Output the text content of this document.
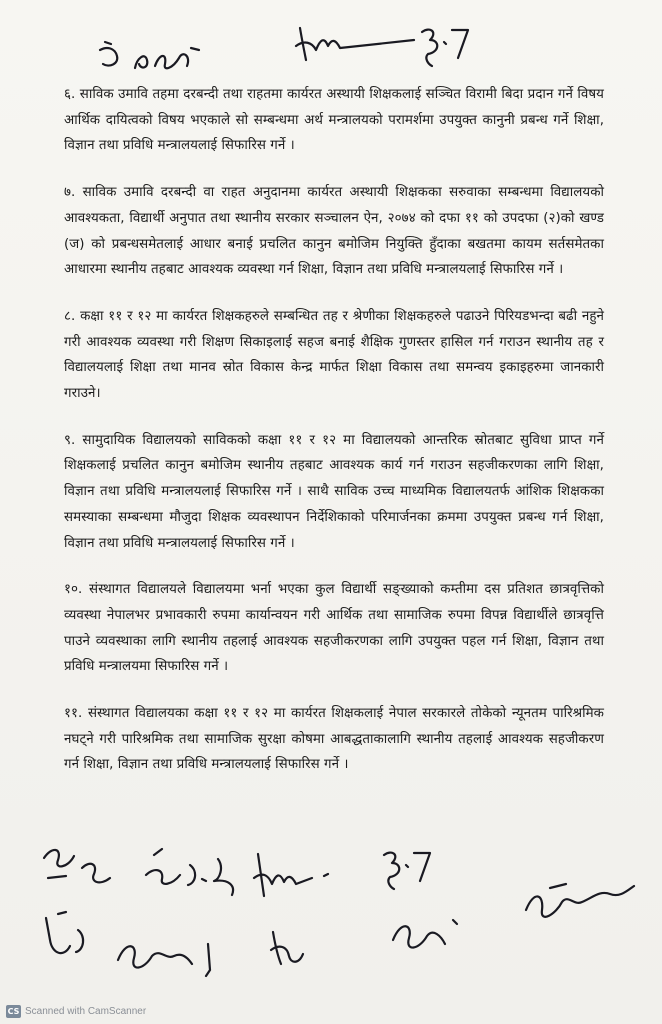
६. साविक उमावि तहमा दरबन्दी तथा राहतमा कार्यरत अस्थायी शिक्षकलाई सञ्चित विरामी बिदा प्रदान गर्ने विषय आर्थिक दायित्वको विषय भएकाले सो सम्बन्धमा अर्थ मन्त्रालयको परामर्शमा उपयुक्त कानुनी प्रबन्ध गर्ने शिक्षा, विज्ञान तथा प्रविधि मन्त्रालयलाई सिफारिस गर्ने ।

७. साविक उमावि दरबन्दी वा राहत अनुदानमा कार्यरत अस्थायी शिक्षकका सरुवाका सम्बन्धमा विद्यालयको आवश्यकता, विद्यार्थी अनुपात तथा स्थानीय सरकार सञ्चालन ऐन, २०७४ को दफा ११ को उपदफा (२)को खण्ड (ज) को प्रबन्धसमेतलाई आधार बनाई प्रचलित कानुन बमोजिम नियुक्ति हुँदाका बखतमा कायम सर्तसमेतका आधारमा स्थानीय तहबाट आवश्यक व्यवस्था गर्न शिक्षा, विज्ञान तथा प्रविधि मन्त्रालयलाई सिफारिस गर्ने ।

८. कक्षा ११ र १२ मा कार्यरत शिक्षकहरुले सम्बन्धित तह र श्रेणीका शिक्षकहरुले पढाउने पिरियडभन्दा बढी नहुने गरी आवश्यक व्यवस्था गरी शिक्षण सिकाइलाई सहज बनाई शैक्षिक गुणस्तर हासिल गर्न गराउन स्थानीय तह र विद्यालयलाई शिक्षा तथा मानव स्रोत विकास केन्द्र मार्फत शिक्षा विकास तथा समन्वय इकाइहरुमा जानकारी गराउने।

९. सामुदायिक विद्यालयको साविकको कक्षा ११ र १२ मा विद्यालयको आन्तरिक स्रोतबाट सुविधा प्राप्त गर्ने शिक्षकलाई प्रचलित कानुन बमोजिम स्थानीय तहबाट आवश्यक कार्य गर्न गराउन सहजीकरणका लागि शिक्षा, विज्ञान तथा प्रविधि मन्त्रालयलाई सिफारिस गर्ने । साथै साविक उच्च माध्यमिक विद्यालयतर्फ आंशिक शिक्षकका समस्याका सम्बन्धमा मौजुदा शिक्षक व्यवस्थापन निर्देशिकाको परिमार्जनका क्रममा उपयुक्त प्रबन्ध गर्न शिक्षा, विज्ञान तथा प्रविधि मन्त्रालयलाई सिफारिस गर्ने ।

१०. संस्थागत विद्यालयले विद्यालयमा भर्ना भएका कुल विद्यार्थी सङ्ख्याको कम्तीमा दस प्रतिशत छात्रवृत्तिको व्यवस्था नेपालभर प्रभावकारी रुपमा कार्यान्वयन गरी आर्थिक तथा सामाजिक रुपमा विपन्न विद्यार्थीले छात्रवृत्ति पाउने व्यवस्थाका लागि स्थानीय तहलाई आवश्यक सहजीकरणका लागि उपयुक्त पहल गर्न शिक्षा, विज्ञान तथा प्रविधि मन्त्रालयमा सिफारिस गर्ने ।

११. संस्थागत विद्यालयका कक्षा ११ र १२ मा कार्यरत शिक्षकलाई नेपाल सरकारले तोकेको न्यूनतम पारिश्रमिक नघट्ने गरी पारिश्रमिक तथा सामाजिक सुरक्षा कोषमा आबद्धताकालागि स्थानीय तहलाई आवश्यक सहजीकरण गर्न शिक्षा, विज्ञान तथा प्रविधि मन्त्रालयलाई सिफारिस गर्ने ।

CS Scanned with CamScanner
